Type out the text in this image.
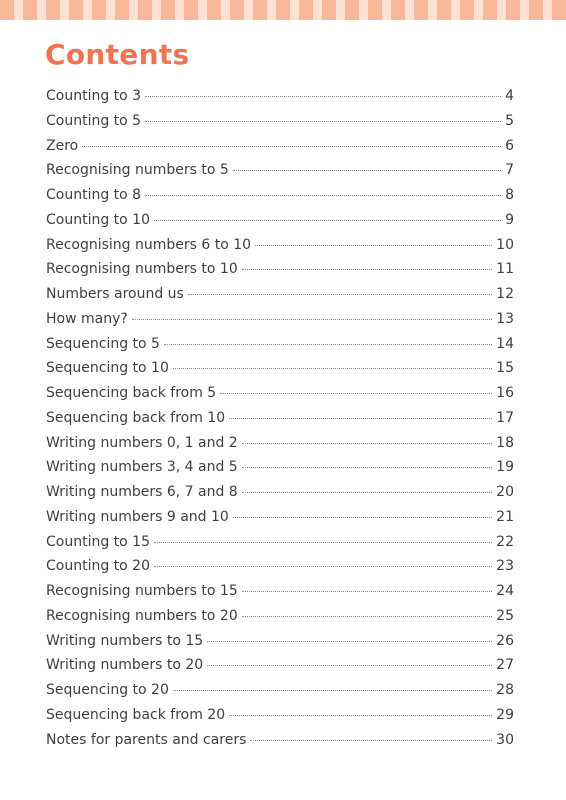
Contents
Counting to 3	4
Counting to 5	5
Zero	6
Recognising numbers to 5	7
Counting to 8	8
Counting to 10	9
Recognising numbers 6 to 10	10
Recognising numbers to 10	11
Numbers around us	12
How many?	13
Sequencing to 5	14
Sequencing to 10	15
Sequencing back from 5	16
Sequencing back from 10	17
Writing numbers 0, 1 and 2	18
Writing numbers 3, 4 and 5	19
Writing numbers 6, 7 and 8	20
Writing numbers 9 and 10	21
Counting to 15	22
Counting to 20	23
Recognising numbers to 15	24
Recognising numbers to 20	25
Writing numbers to 15	26
Writing numbers to 20	27
Sequencing to 20	28
Sequencing back from 20	29
Notes for parents and carers	30
